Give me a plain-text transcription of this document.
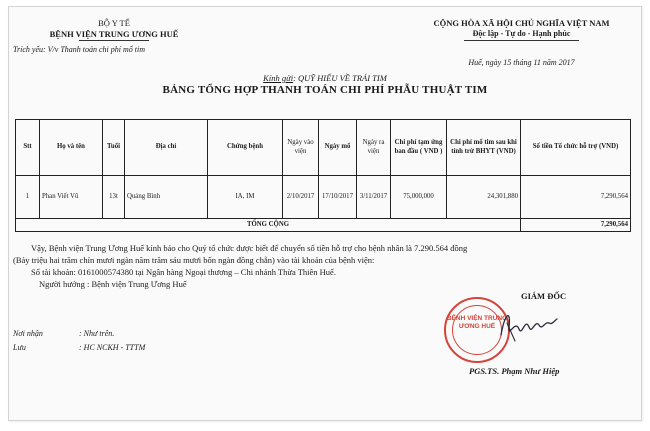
BỘ Y TẾ
BỆNH VIỆN TRUNG ƯƠNG HUẾ
Trích yếu: V/v Thanh toán chi phí mổ tim
CỘNG HÒA XÃ HỘI CHỦ NGHĨA VIỆT NAM
Độc lập - Tự do - Hạnh phúc
Huế, ngày 15 tháng 11 năm 2017
Kính gửi: QUỸ HIẾU VỀ TRÁI TIM
BẢNG TỔNG HỢP THANH TOÁN CHI PHÍ PHẪU THUẬT TIM
Stt	Họ và tên	Tuổi	Địa chỉ	Chứng bệnh	Ngày vào viện	Ngày mổ	Ngày ra viện	Chi phí tạm ứng ban đầu ( VND )	Chi phí mổ tim sau khi tính trừ BHYT (VND)	Số tiền Tổ chức hỗ trợ (VND)
1	Phan Viết Vũ	13t	Quảng Bình	IA, IM	2/10/2017	17/10/2017	3/11/2017	75,000,000	24,301,880	7,290,564
TỔNG CỘNG										7,290,564
Vậy, Bệnh viện Trung Ương Huế kính báo cho Quý tổ chức được biết để chuyển số tiền hỗ trợ cho bệnh nhân là 7.290.564 đồng
(Bảy triệu hai trăm chín mươi ngàn năm trăm sáu mươi bốn ngàn đồng chẵn) vào tài khoản của bệnh viện:
Số tài khoản: 0161000574380 tại Ngân hàng Ngoại thương – Chi nhánh Thừa Thiên Huế.
Người hưởng : Bệnh viện Trung Ương Huế
GIÁM ĐỐC
BỆNH VIỆN TRUNG ƯƠNG HUẾ
PGS.TS. Phạm Như Hiệp
Nơi nhận	: Như trên.
Lưu	: HC NCKH - TTTM
